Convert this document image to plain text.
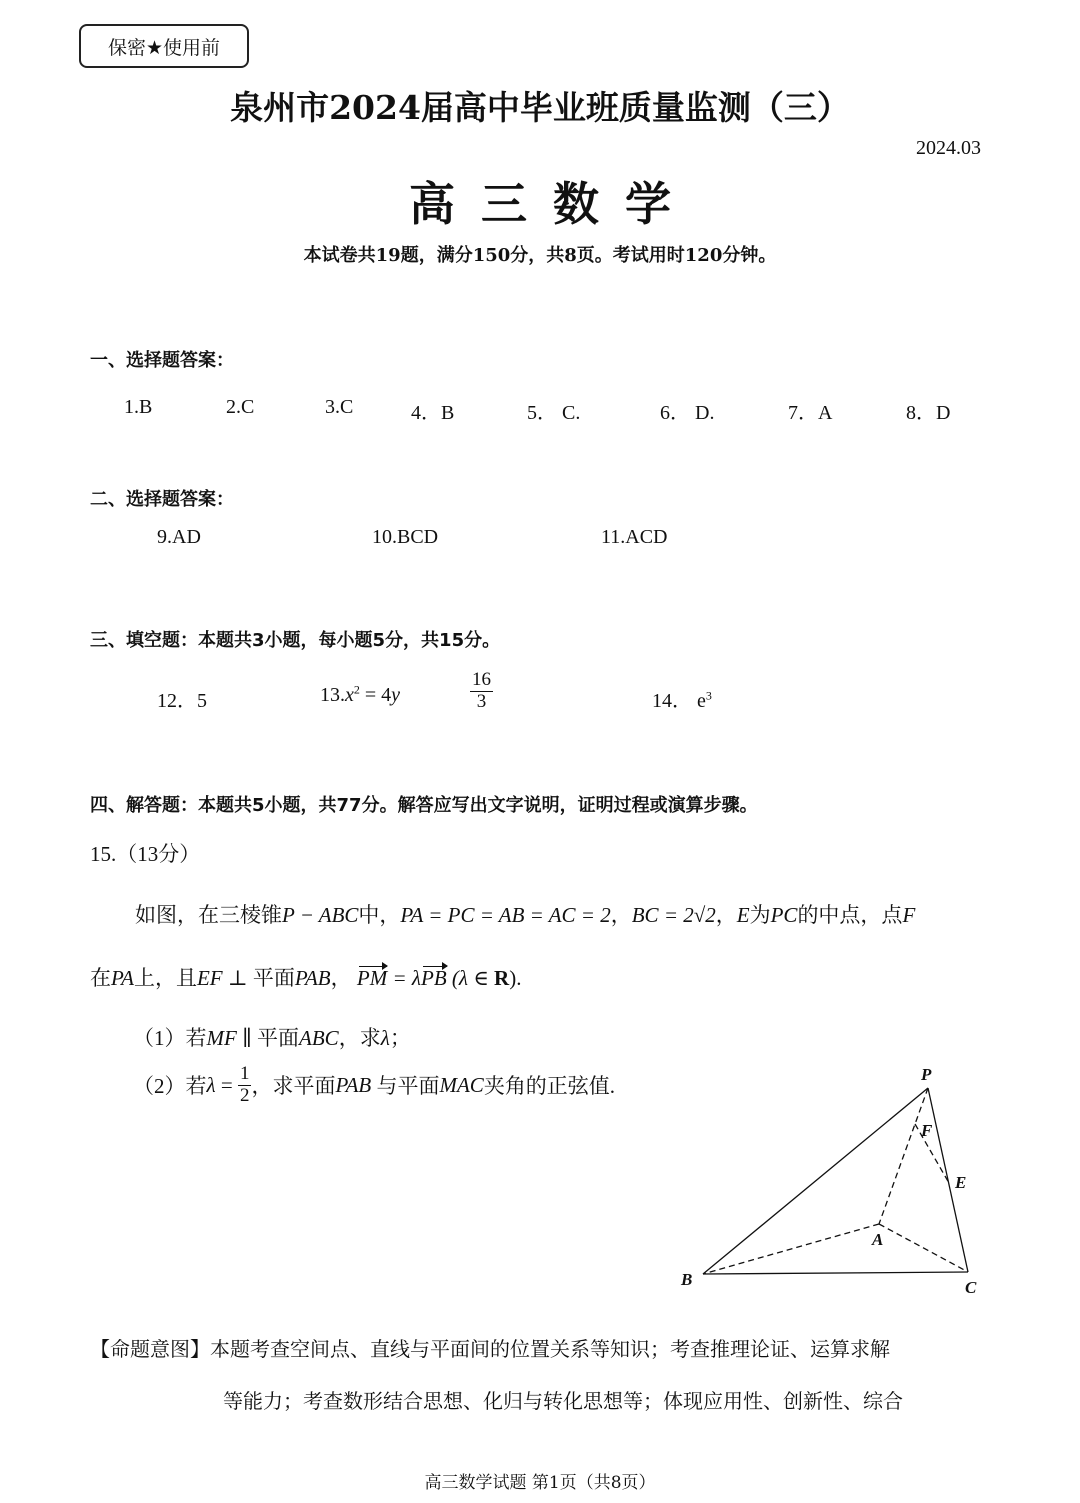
保密★使用前
泉州市2024届高中毕业班质量监测（三）
2024.03
高三数学
本试卷共19题，满分150分，共8页。考试用时120分钟。
一、选择题答案：
1.B	2.C	3.C	4．B	5． C.	6． D.	7．A	8．D
二、选择题答案：
9.AD	10.BCD	11.ACD
三、填空题：本题共3小题，每小题5分，共15分。
12．5	$13.x^2 = 4y$	$\frac{16}{3}$	14． $e^3$
四、解答题：本题共5小题，共77分。解答应写出文字说明，证明过程或演算步骤。
15.（13分）
如图，在三棱锥P − ABC中，PA = PC = AB = AC = 2，BC = 2√2，E为PC的中点，点F
在PA上，且EF ⊥ 平面PAB， PM = λPB (λ ∈ R).
（1）若MF ∥ 平面ABC，求λ；
（2）若 $\lambda = \frac{1}{2}$ ，求平面 PAB
与平面 MAC 夹角的正弦值.	P
F
E
A
B	C
【命题意图】本题考查空间点、直线与平面间的位置关系等知识；考查推理论证、运算求解
等能力；考查数形结合思想、化归与转化思想等；体现应用性、创新性、综合
高三数学试题 第1页（共8页）
